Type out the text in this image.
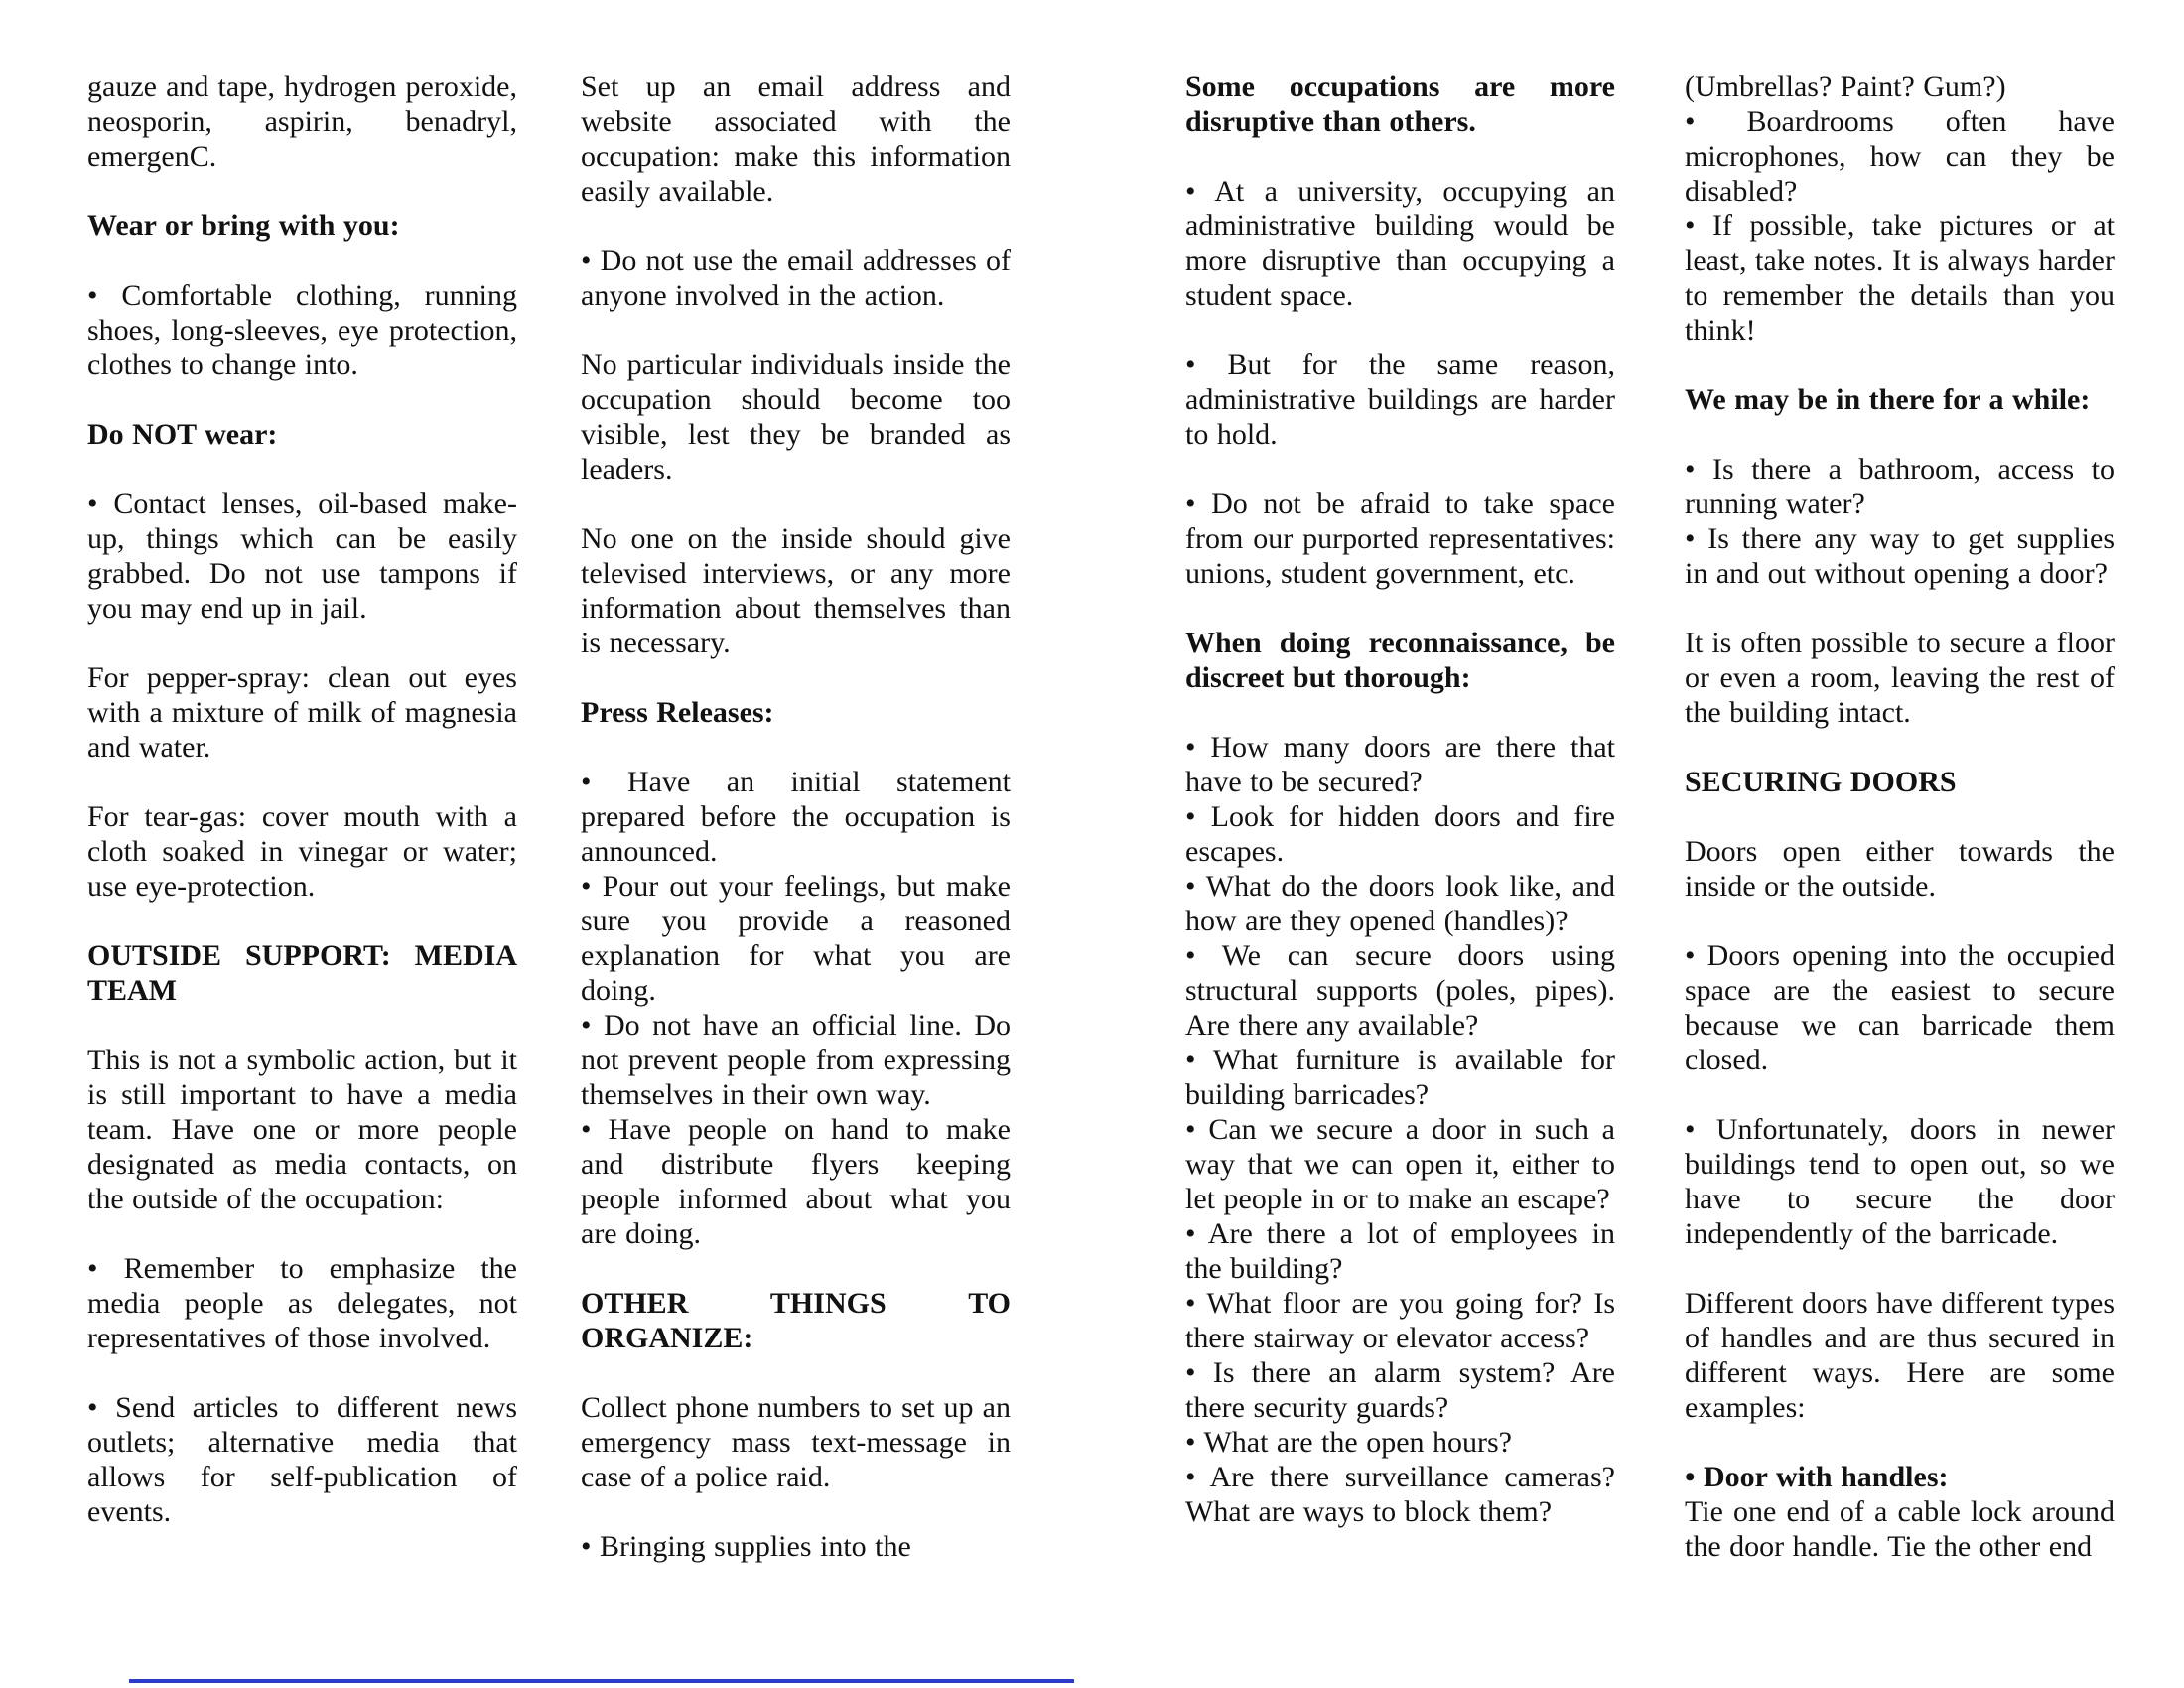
gauze and tape, hydrogen peroxide, neosporin, aspirin, benadryl, emergenC.

Wear or bring with you:

• Comfortable clothing, running shoes, long-sleeves, eye protection, clothes to change into.

Do NOT wear:

• Contact lenses, oil-based make-up, things which can be easily grabbed. Do not use tampons if you may end up in jail.

For pepper-spray: clean out eyes with a mixture of milk of magnesia and water.

For tear-gas: cover mouth with a cloth soaked in vinegar or water; use eye-protection.

OUTSIDE SUPPORT: MEDIA TEAM

This is not a symbolic action, but it is still important to have a media team. Have one or more people designated as media contacts, on the outside of the occupation:

• Remember to emphasize the media people as delegates, not representatives of those involved.

• Send articles to different news outlets; alternative media that allows for self-publication of events.

Set up an email address and website associated with the occupation: make this information easily available.

• Do not use the email addresses of anyone involved in the action.

No particular individuals inside the occupation should become too visible, lest they be branded as leaders.

No one on the inside should give televised interviews, or any more information about themselves than is necessary.

Press Releases:

• Have an initial statement prepared before the occupation is announced.

• Pour out your feelings, but make sure you provide a reasoned explanation for what you are doing.

• Do not have an official line. Do not prevent people from expressing themselves in their own way.

• Have people on hand to make and distribute flyers keeping people informed about what you are doing.

OTHER THINGS TO ORGANIZE:

Collect phone numbers to set up an emergency mass text-message in case of a police raid.

• Bringing supplies into the

Some occupations are more disruptive than others.

• At a university, occupying an administrative building would be more disruptive than occupying a student space.

• But for the same reason, administrative buildings are harder to hold.

• Do not be afraid to take space from our purported representatives: unions, student government, etc.

When doing reconnaissance, be discreet but thorough:

• How many doors are there that have to be secured?

• Look for hidden doors and fire escapes.

• What do the doors look like, and how are they opened (handles)?

• We can secure doors using structural supports (poles, pipes). Are there any available?

• What furniture is available for building barricades?

• Can we secure a door in such a way that we can open it, either to let people in or to make an escape?

• Are there a lot of employees in the building?

• What floor are you going for? Is there stairway or elevator access?

• Is there an alarm system? Are there security guards?

• What are the open hours?

• Are there surveillance cameras? What are ways to block them?

(Umbrellas? Paint? Gum?)

• Boardrooms often have microphones, how can they be disabled?

• If possible, take pictures or at least, take notes. It is always harder to remember the details than you think!

We may be in there for a while:

• Is there a bathroom, access to running water?

• Is there any way to get supplies in and out without opening a door?

It is often possible to secure a floor or even a room, leaving the rest of the building intact.

SECURING DOORS

Doors open either towards the inside or the outside.

• Doors opening into the occupied space are the easiest to secure because we can barricade them closed.

• Unfortunately, doors in newer buildings tend to open out, so we have to secure the door independently of the barricade.

Different doors have different types of handles and are thus secured in different ways. Here are some examples:

• Door with handles:

Tie one end of a cable lock around the door handle. Tie the other end
